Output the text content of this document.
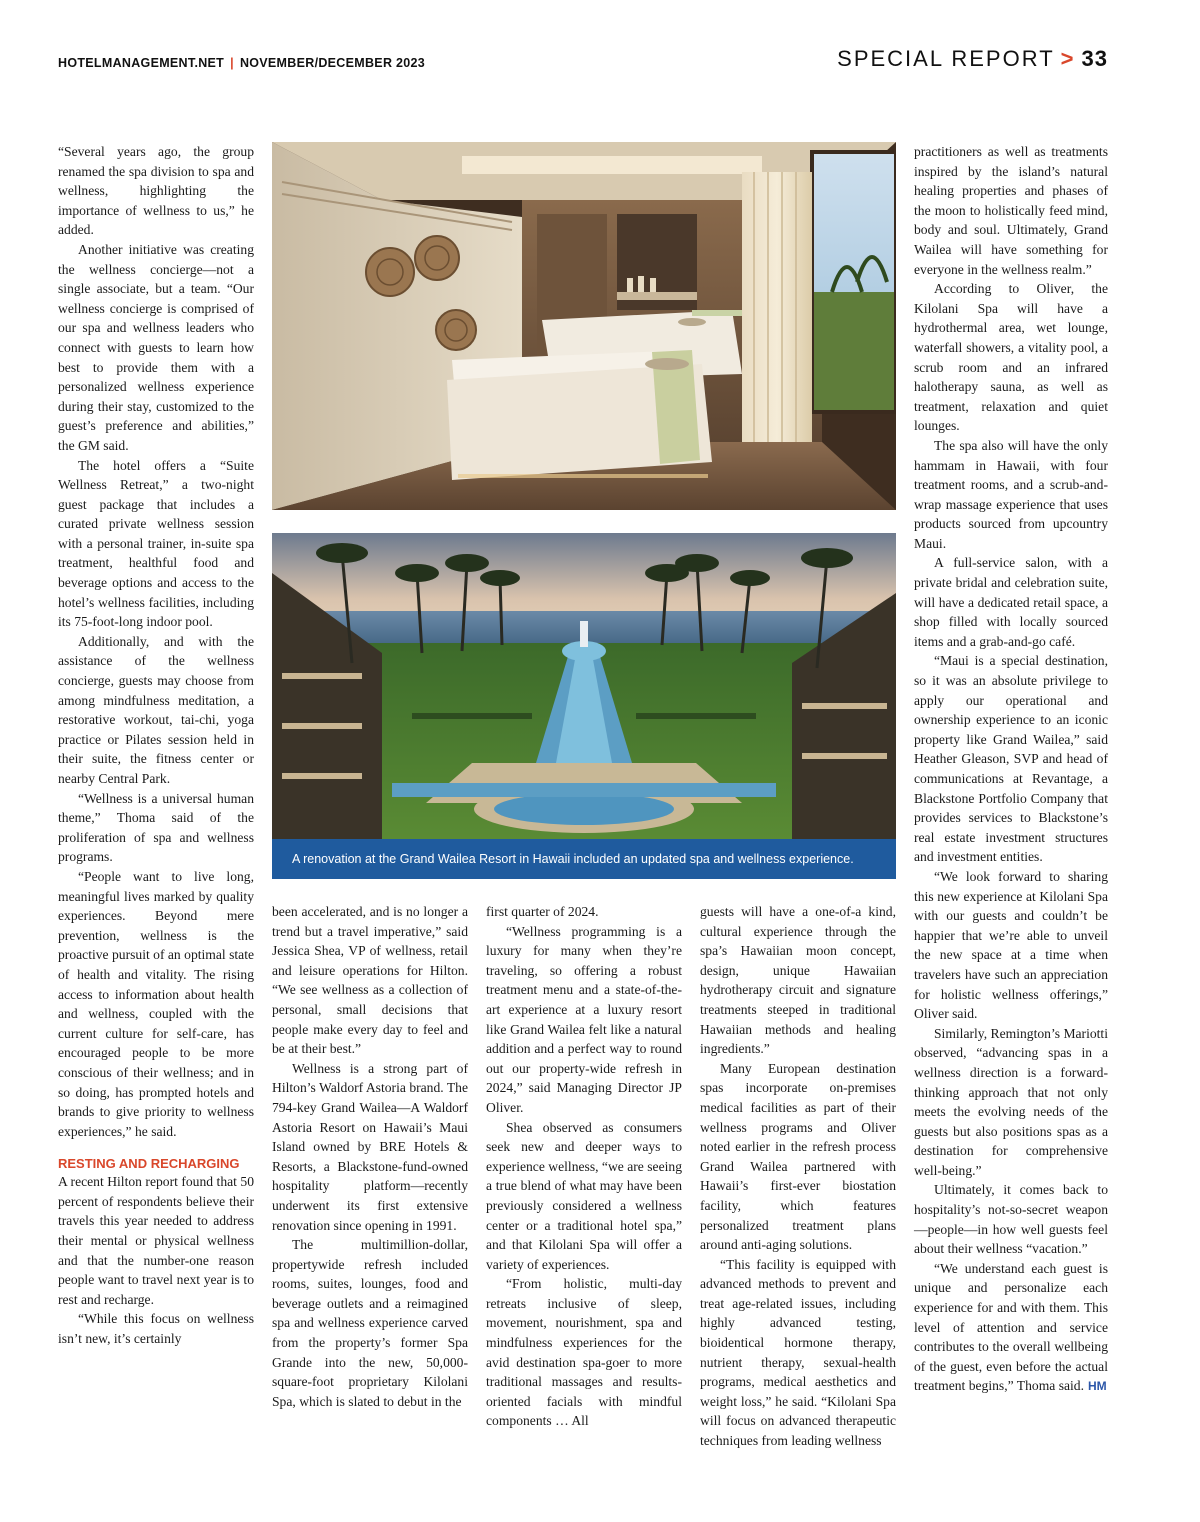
HOTELMANAGEMENT.NET | NOVEMBER/DECEMBER 2023	SPECIAL REPORT > 33

“Several years ago, the group renamed the spa division to spa and wellness, highlighting the importance of wellness to us,” he added.

Another initiative was creating the wellness concierge—not a single associate, but a team. “Our wellness concierge is comprised of our spa and wellness leaders who connect with guests to learn how best to provide them with a personalized wellness experience during their stay, customized to the guest’s preference and abilities,” the GM said.

The hotel offers a “Suite Wellness Retreat,” a two-night guest package that includes a curated private wellness session with a personal trainer, in-suite spa treatment, healthful food and beverage options and access to the hotel’s wellness facilities, including its 75-foot-long indoor pool.

Additionally, and with the assistance of the wellness concierge, guests may choose from among mindfulness meditation, a restorative workout, tai-chi, yoga practice or Pilates session held in their suite, the fitness center or nearby Central Park.

“Wellness is a universal human theme,” Thoma said of the proliferation of spa and wellness programs.

“People want to live long, meaningful lives marked by quality experiences. Beyond mere prevention, wellness is the proactive pursuit of an optimal state of health and vitality. The rising access to information about health and wellness, coupled with the current culture for self-care, has encouraged people to be more conscious of their wellness; and in so doing, has prompted hotels and brands to give priority to wellness experiences,” he said.

RESTING AND RECHARGING

A recent Hilton report found that 50 percent of respondents believe their travels this year needed to address their mental or physical wellness and that the number-one reason people want to travel next year is to rest and recharge.

“While this focus on wellness isn’t new, it’s certainly

A renovation at the Grand Wailea Resort in Hawaii included an updated spa and wellness experience.

been accelerated, and is no longer a trend but a travel imperative,” said Jessica Shea, VP of wellness, retail and leisure operations for Hilton. “We see wellness as a collection of personal, small decisions that people make every day to feel and be at their best.”

Wellness is a strong part of Hilton’s Waldorf Astoria brand. The 794-key Grand Wailea—A Waldorf Astoria Resort on Hawaii’s Maui Island owned by BRE Hotels & Resorts, a Blackstone-fund-owned hospitality platform—recently underwent its first extensive renovation since opening in 1991.

The multimillion-dollar, propertywide refresh included rooms, suites, lounges, food and beverage outlets and a reimagined spa and wellness experience carved from the property’s former Spa Grande into the new, 50,000-square-foot proprietary Kilolani Spa, which is slated to debut in the

first quarter of 2024.

“Wellness programming is a luxury for many when they’re traveling, so offering a robust treatment menu and a state-of-the-art experience at a luxury resort like Grand Wailea felt like a natural addition and a perfect way to round out our property-wide refresh in 2024,” said Managing Director JP Oliver.

Shea observed as consumers seek new and deeper ways to experience wellness, “we are seeing a true blend of what may have been previously considered a wellness center or a traditional hotel spa,” and that Kilolani Spa will offer a variety of experiences.

“From holistic, multi-day retreats inclusive of sleep, movement, nourishment, spa and mindfulness experiences for the avid destination spa-goer to more traditional massages and results-oriented facials with mindful components … All

guests will have a one-of-a kind, cultural experience through the spa’s Hawaiian moon concept, design, unique Hawaiian hydrotherapy circuit and signature treatments steeped in traditional Hawaiian methods and healing ingredients.”

Many European destination spas incorporate on-premises medical facilities as part of their wellness programs and Oliver noted earlier in the refresh process Grand Wailea partnered with Hawaii’s first-ever biostation facility, which features personalized treatment plans around anti-aging solutions.

“This facility is equipped with advanced methods to prevent and treat age-related issues, including highly advanced testing, bioidentical hormone therapy, nutrient therapy, sexual-health programs, medical aesthetics and weight loss,” he said. “Kilolani Spa will focus on advanced therapeutic techniques from leading wellness

practitioners as well as treatments inspired by the island’s natural healing properties and phases of the moon to holistically feed mind, body and soul. Ultimately, Grand Wailea will have something for everyone in the wellness realm.”

According to Oliver, the Kilolani Spa will have a hydrothermal area, wet lounge, waterfall showers, a vitality pool, a scrub room and an infrared halotherapy sauna, as well as treatment, relaxation and quiet lounges.

The spa also will have the only hammam in Hawaii, with four treatment rooms, and a scrub-and-wrap massage experience that uses products sourced from upcountry Maui.

A full-service salon, with a private bridal and celebration suite, will have a dedicated retail space, a shop filled with locally sourced items and a grab-and-go café.

“Maui is a special destination, so it was an absolute privilege to apply our operational and ownership experience to an iconic property like Grand Wailea,” said Heather Gleason, SVP and head of communications at Revantage, a Blackstone Portfolio Company that provides services to Blackstone’s real estate investment structures and investment entities.

“We look forward to sharing this new experience at Kilolani Spa with our guests and couldn’t be happier that we’re able to unveil the new space at a time when travelers have such an appreciation for holistic wellness offerings,” Oliver said.

Similarly, Remington’s Mariotti observed, “advancing spas in a wellness direction is a forward-thinking approach that not only meets the evolving needs of the guests but also positions spas as a destination for comprehensive well-being.”

Ultimately, it comes back to hospitality’s not-so-secret weapon—people—in how well guests feel about their wellness “vacation.”

“We understand each guest is unique and personalize each experience for and with them. This level of attention and service contributes to the overall wellbeing of the guest, even before the actual treatment begins,” Thoma said. HM
